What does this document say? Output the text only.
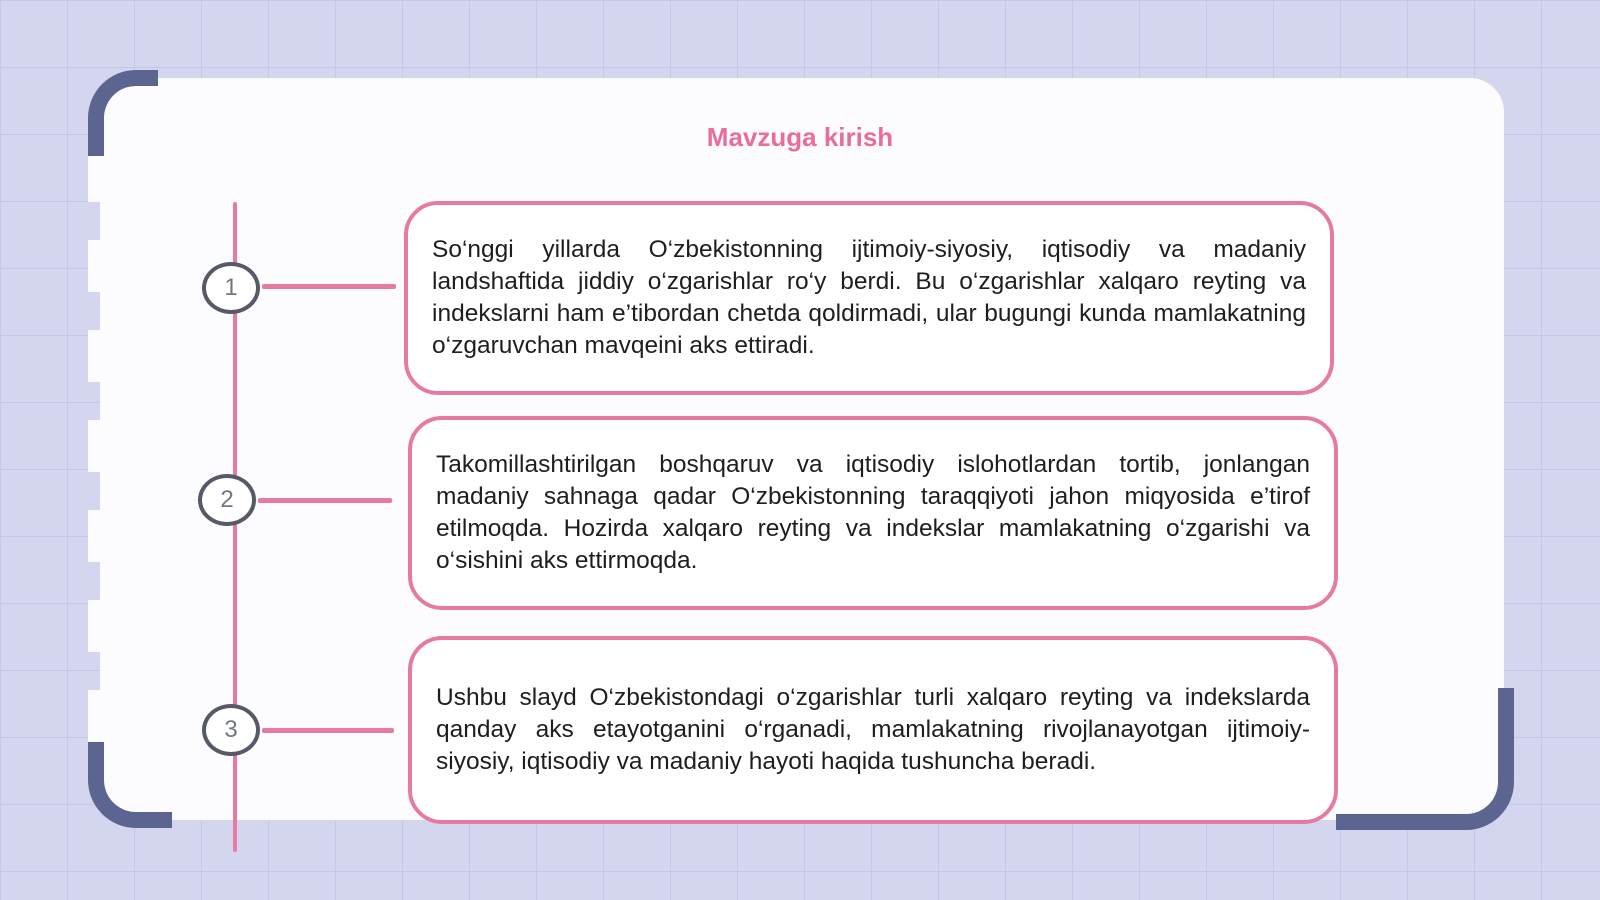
Mavzuga kirish
1
2
3

So‘nggi yillarda O‘zbekistonning ijtimoiy-siyosiy, iqtisodiy va madaniy landshaftida jiddiy o‘zgarishlar ro‘y berdi. Bu o‘zgarishlar xalqaro reyting va indekslarni ham e’tibordan chetda qoldirmadi, ular bugungi kunda mamlakatning o‘zgaruvchan mavqeini aks ettiradi.

Takomillashtirilgan boshqaruv va iqtisodiy islohotlardan tortib, jonlangan madaniy sahnaga qadar O‘zbekistonning taraqqiyoti jahon miqyosida e’tirof etilmoqda. Hozirda xalqaro reyting va indekslar mamlakatning o‘zgarishi va o‘sishini aks ettirmoqda.

Ushbu slayd O‘zbekistondagi o‘zgarishlar turli xalqaro reyting va indekslarda qanday aks etayotganini o‘rganadi, mamlakatning rivojlanayotgan ijtimoiy-siyosiy, iqtisodiy va madaniy hayoti haqida tushuncha beradi.
